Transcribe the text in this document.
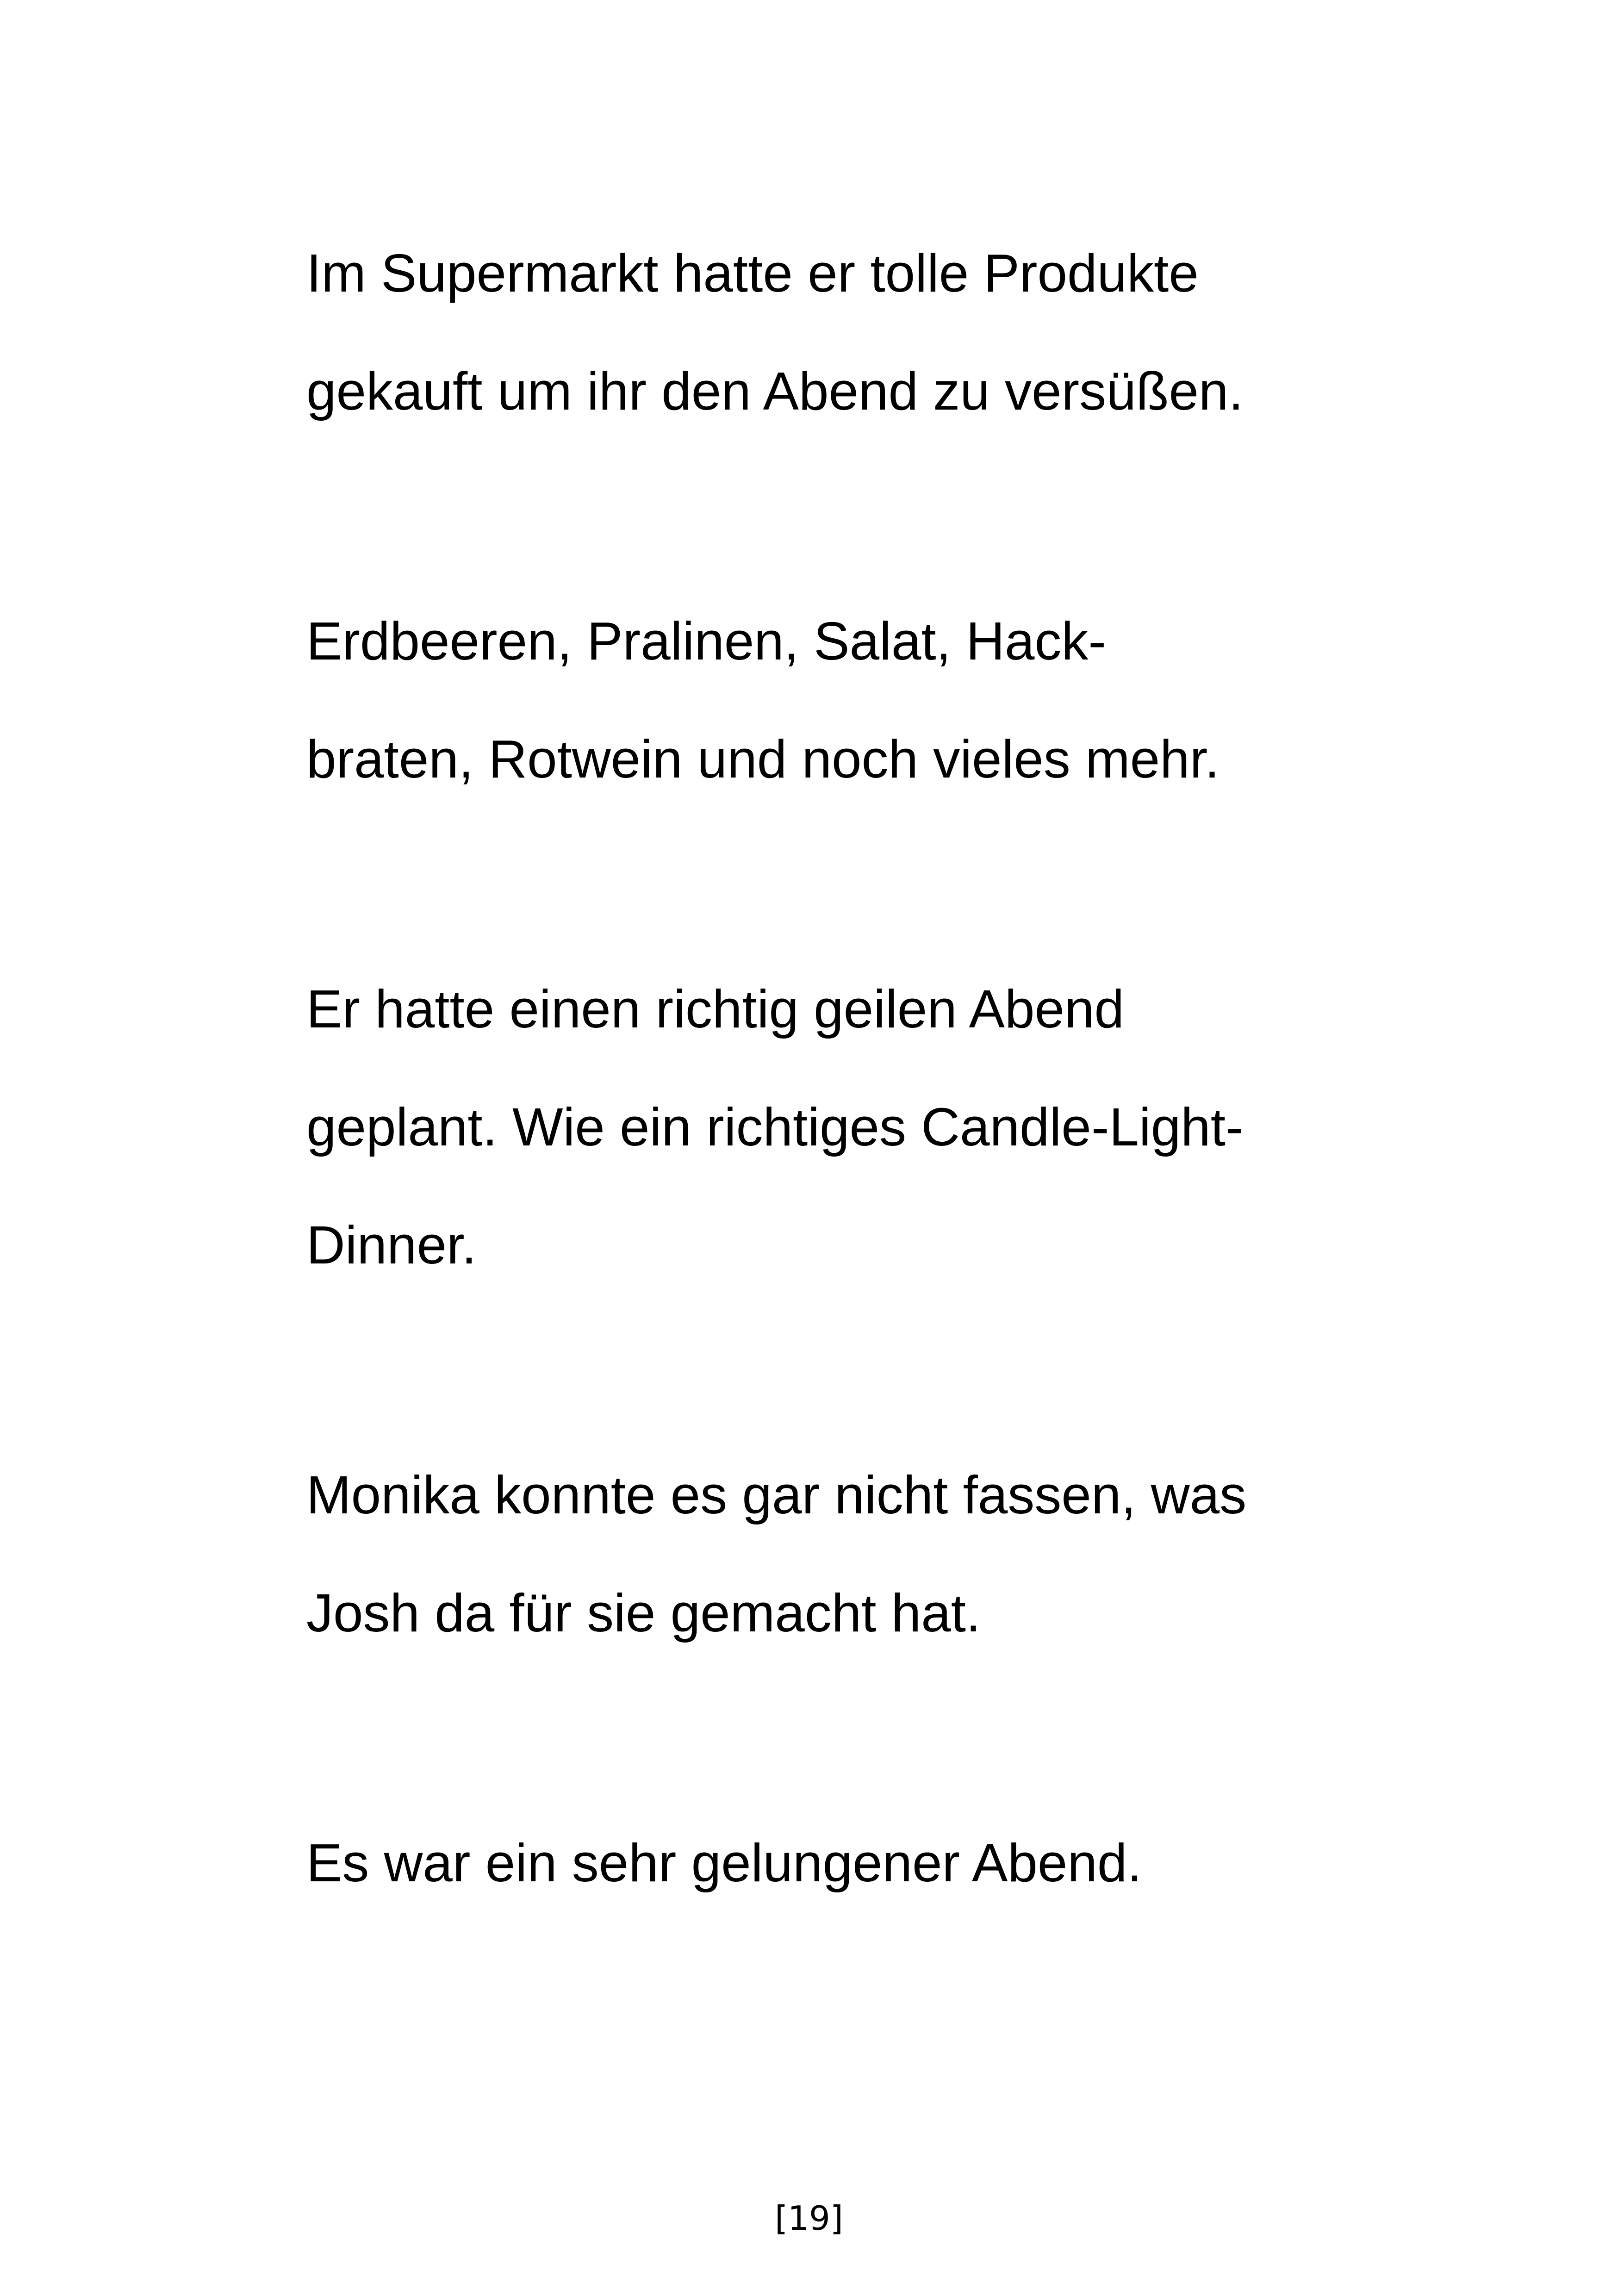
Im Supermarkt hatte er tolle Produkte

gekauft um ihr den Abend zu versüßen.

Erdbeeren, Pralinen, Salat, Hack-

braten, Rotwein und noch vieles mehr.

Er hatte einen richtig geilen Abend

geplant. Wie ein richtiges Candle-Light-

Dinner.

Monika konnte es gar nicht fassen, was

Josh da für sie gemacht hat.

Es war ein sehr gelungener Abend.

[19]
